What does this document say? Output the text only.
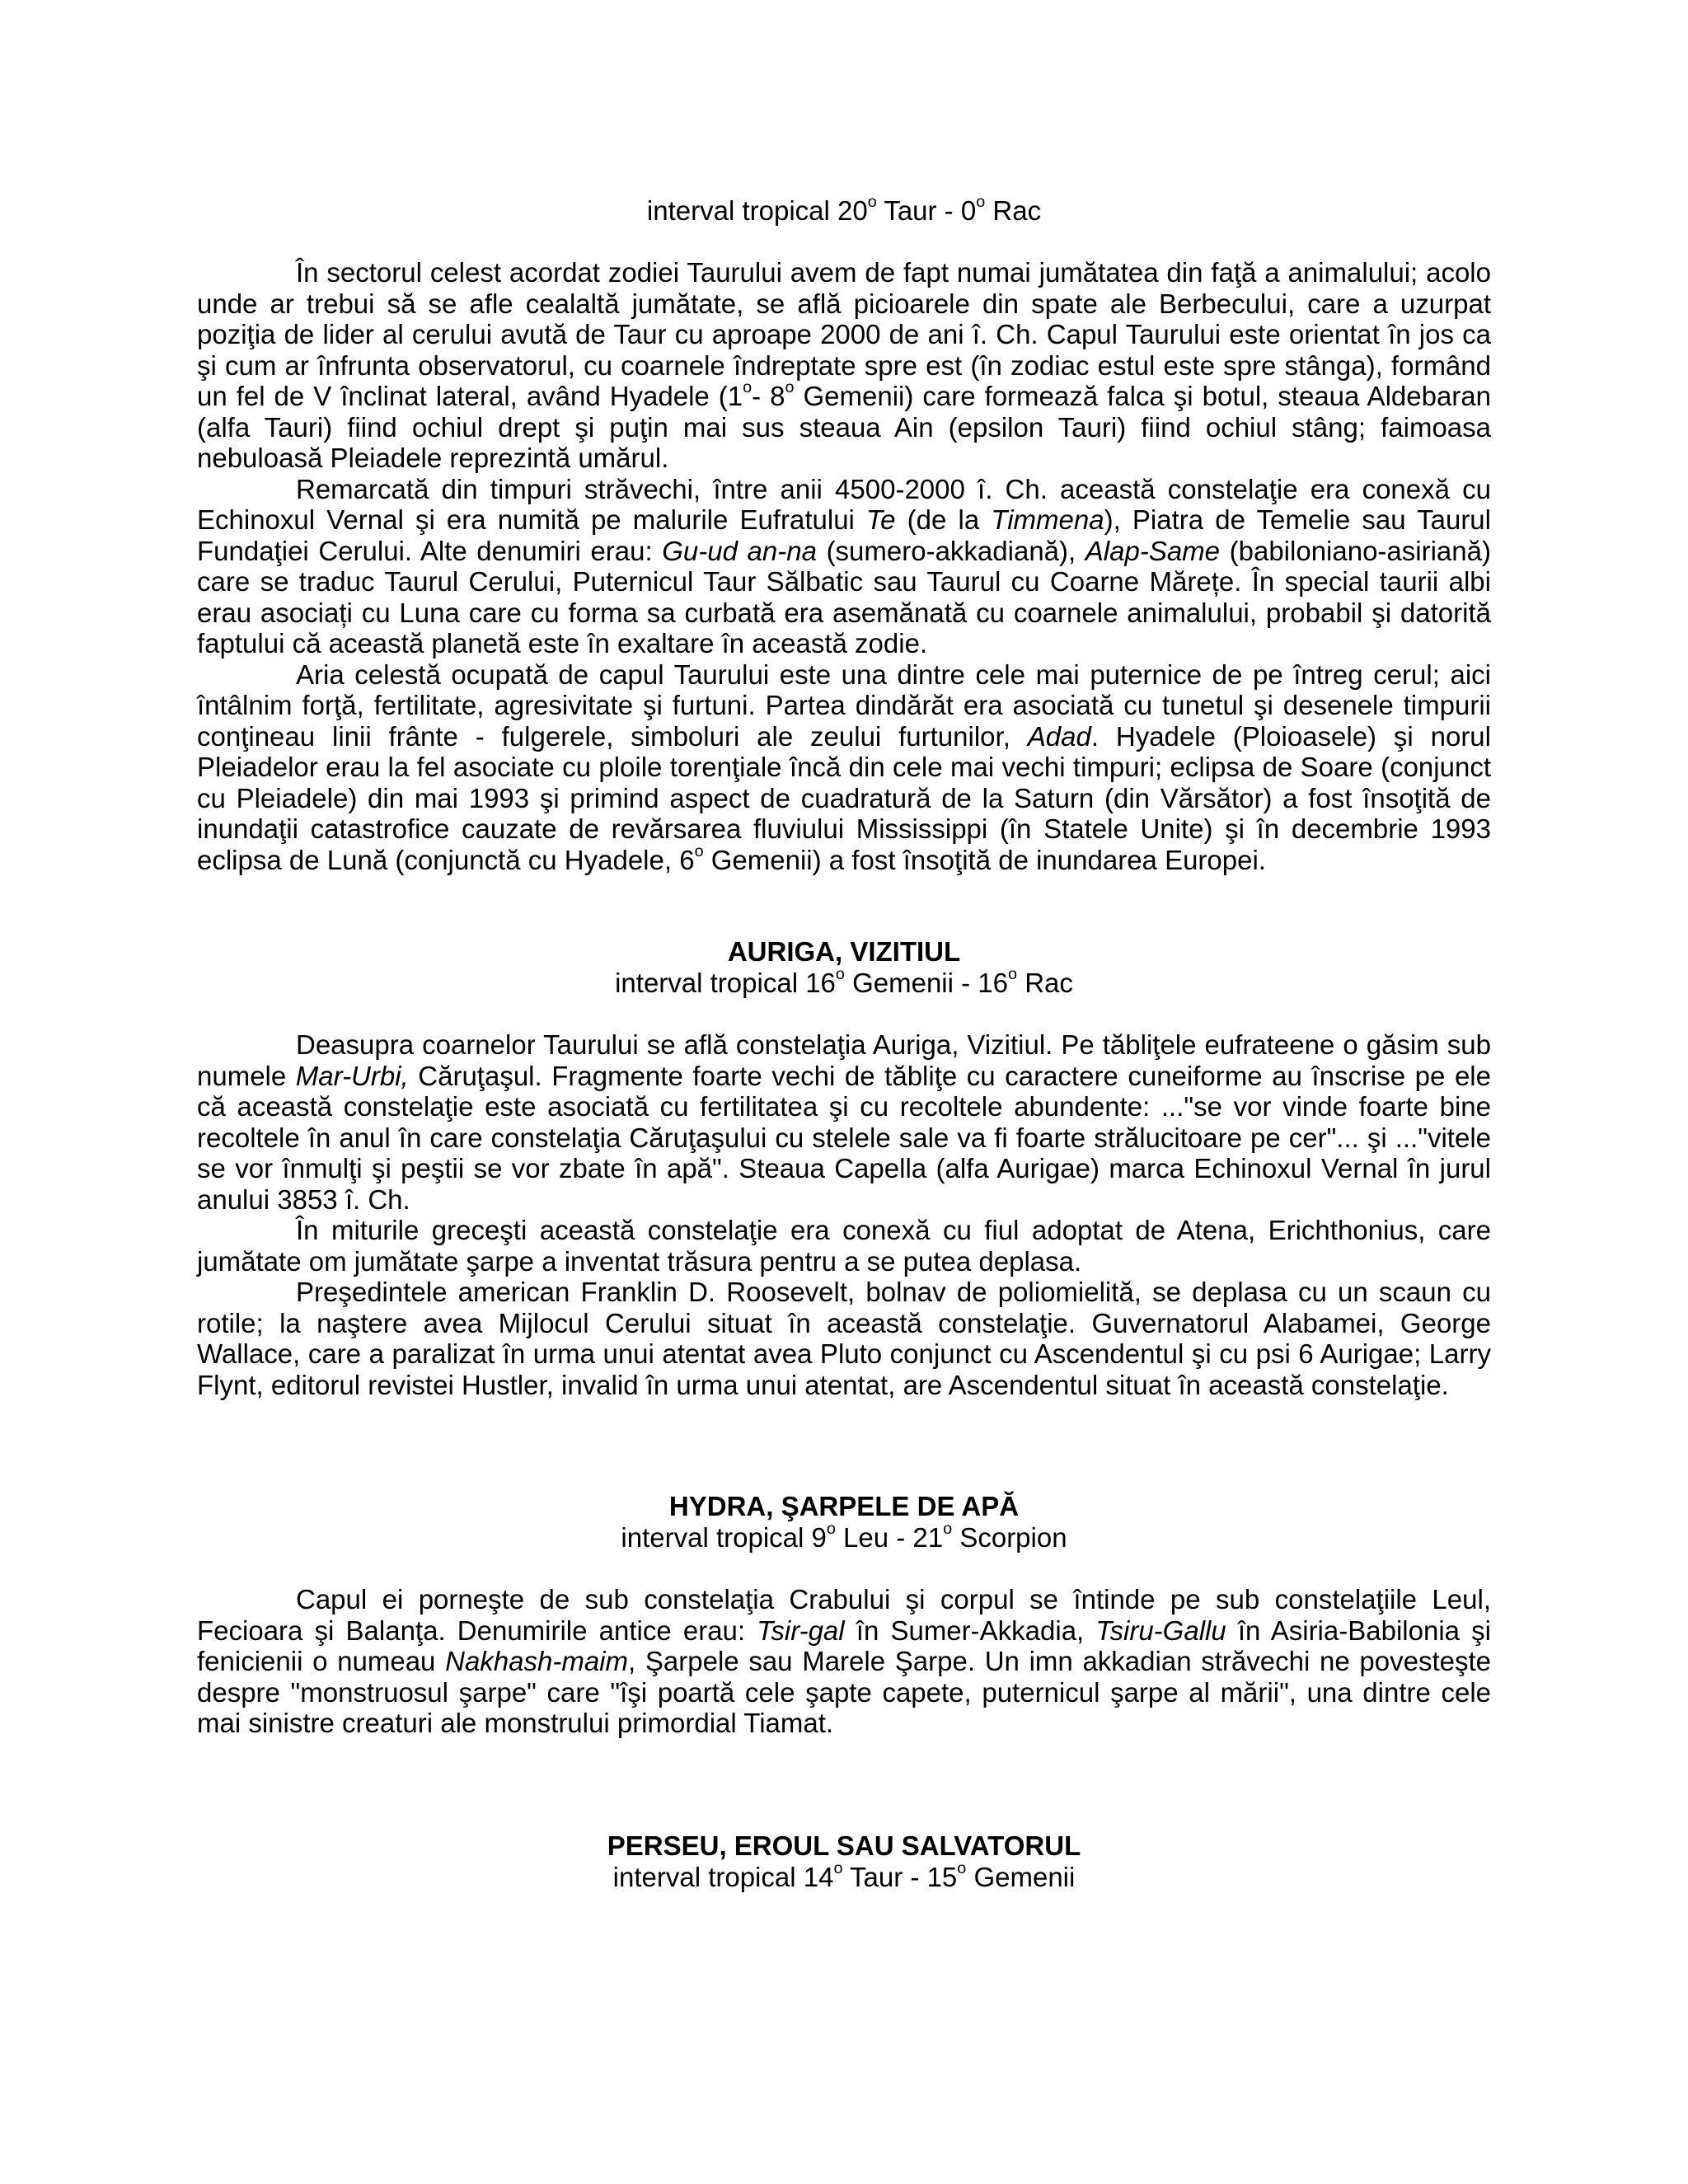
interval tropical 20$^o$ Taur - 0$^o$ Rac

În sectorul celest acordat zodiei Taurului avem de fapt numai jumătatea din faţă a animalului; acolo unde ar trebui să se afle cealaltă jumătate, se află picioarele din spate ale Berbecului, care a uzurpat poziţia de lider al cerului avută de Taur cu aproape 2000 de ani î. Ch. Capul Taurului este orientat în jos ca şi cum ar înfrunta observatorul, cu coarnele îndreptate spre est (în zodiac estul este spre stânga), formând un fel de V înclinat lateral, având Hyadele (1$^o$- 8$^o$ Gemenii) care formează falca şi botul, steaua Aldebaran (alfa Tauri) fiind ochiul drept şi puţin mai sus steaua Ain (epsilon Tauri) fiind ochiul stâng; faimoasa nebuloasă Pleiadele reprezintă umărul.

Remarcată din timpuri străvechi, între anii 4500-2000 î. Ch. această constelaţie era conexă cu Echinoxul Vernal şi era numită pe malurile Eufratului Te (de la Timmena), Piatra de Temelie sau Taurul Fundaţiei Cerului. Alte denumiri erau: Gu-ud an-na (sumero-akkadiană), Alap-Same (babiloniano-asiriană) care se traduc Taurul Cerului, Puternicul Taur Sălbatic sau Taurul cu Coarne Mărețe. În special taurii albi erau asociați cu Luna care cu forma sa curbată era asemănată cu coarnele animalului, probabil şi datorită faptului că această planetă este în exaltare în această zodie.

Aria celestă ocupată de capul Taurului este una dintre cele mai puternice de pe întreg cerul; aici întâlnim forţă, fertilitate, agresivitate şi furtuni. Partea dindărăt era asociată cu tunetul şi desenele timpurii conţineau linii frânte - fulgerele, simboluri ale zeului furtunilor, Adad. Hyadele (Ploioasele) şi norul Pleiadelor erau la fel asociate cu ploile torenţiale încă din cele mai vechi timpuri; eclipsa de Soare (conjunct cu Pleiadele) din mai 1993 şi primind aspect de cuadratură de la Saturn (din Vărsător) a fost însoţită de inundaţii catastrofice cauzate de revărsarea fluviului Mississippi (în Statele Unite) şi în decembrie 1993 eclipsa de Lună (conjunctă cu Hyadele, 6$^o$ Gemenii) a fost însoţită de inundarea Europei.

AURIGA, VIZITIUL
interval tropical 16$^o$ Gemenii - 16$^o$ Rac

Deasupra coarnelor Taurului se află constelaţia Auriga, Vizitiul. Pe tăbliţele eufrateene o găsim sub numele Mar-Urbi, Căruţaşul. Fragmente foarte vechi de tăbliţe cu caractere cuneiforme au înscrise pe ele că această constelaţie este asociată cu fertilitatea şi cu recoltele abundente: ..."se vor vinde foarte bine recoltele în anul în care constelaţia Căruţaşului cu stelele sale va fi foarte strălucitoare pe cer"... şi ..."vitele se vor înmulţi şi peştii se vor zbate în apă". Steaua Capella (alfa Aurigae) marca Echinoxul Vernal în jurul anului 3853 î. Ch.

În miturile greceşti această constelaţie era conexă cu fiul adoptat de Atena, Erichthonius, care jumătate om jumătate şarpe a inventat trăsura pentru a se putea deplasa.

Preşedintele american Franklin D. Roosevelt, bolnav de poliomielită, se deplasa cu un scaun cu rotile; la naştere avea Mijlocul Cerului situat în această constelaţie. Guvernatorul Alabamei, George Wallace, care a paralizat în urma unui atentat avea Pluto conjunct cu Ascendentul şi cu psi 6 Aurigae; Larry Flynt, editorul revistei Hustler, invalid în urma unui atentat, are Ascendentul situat în această constelaţie.

HYDRA, ŞARPELE DE APĂ
interval tropical 9$^o$ Leu - 21$^o$ Scorpion

Capul ei porneşte de sub constelaţia Crabului şi corpul se întinde pe sub constelaţiile Leul, Fecioara şi Balanţa. Denumirile antice erau: Tsir-gal în Sumer-Akkadia, Tsiru-Gallu în Asiria-Babilonia şi fenicienii o numeau Nakhash-maim, Şarpele sau Marele Şarpe. Un imn akkadian străvechi ne povesteşte despre "monstruosul şarpe" care "îşi poartă cele şapte capete, puternicul şarpe al mării", una dintre cele mai sinistre creaturi ale monstrului primordial Tiamat.

PERSEU, EROUL SAU SALVATORUL
interval tropical 14$^o$ Taur - 15$^o$ Gemenii
